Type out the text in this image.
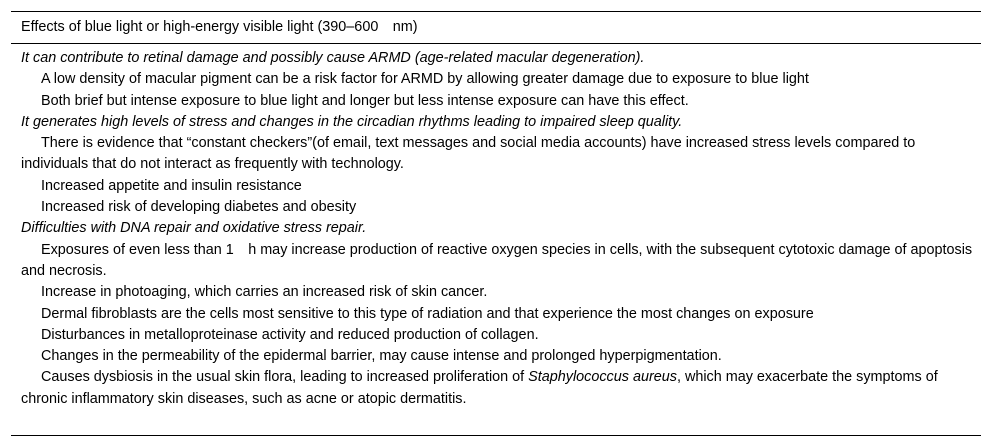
Effects of blue light or high-energy visible light (390–600     nm)

It can contribute to retinal damage and possibly cause ARMD (age-related macular degeneration).

A low density of macular pigment can be a risk factor for ARMD by allowing greater damage due to exposure to blue light

Both brief but intense exposure to blue light and longer but less intense exposure can have this effect.

It generates high levels of stress and changes in the circadian rhythms leading to impaired sleep quality.

There is evidence that “constant checkers”(of email, text messages and social media accounts) have increased stress levels compared to individuals that do not interact as frequently with technology.

Increased appetite and insulin resistance

Increased risk of developing diabetes and obesity

Difficulties with DNA repair and oxidative stress repair.

Exposures of even less than 1     h may increase production of reactive oxygen species in cells, with the subsequent cytotoxic damage of apoptosis and necrosis.

Increase in photoaging, which carries an increased risk of skin cancer.

Dermal fibroblasts are the cells most sensitive to this type of radiation and that experience the most changes on exposure

Disturbances in metalloproteinase activity and reduced production of collagen.

Changes in the permeability of the epidermal barrier, may cause intense and prolonged hyperpigmentation.

Causes dysbiosis in the usual skin flora, leading to increased proliferation of Staphylococcus aureus, which may exacerbate the symptoms of chronic inflammatory skin diseases, such as acne or atopic dermatitis.
